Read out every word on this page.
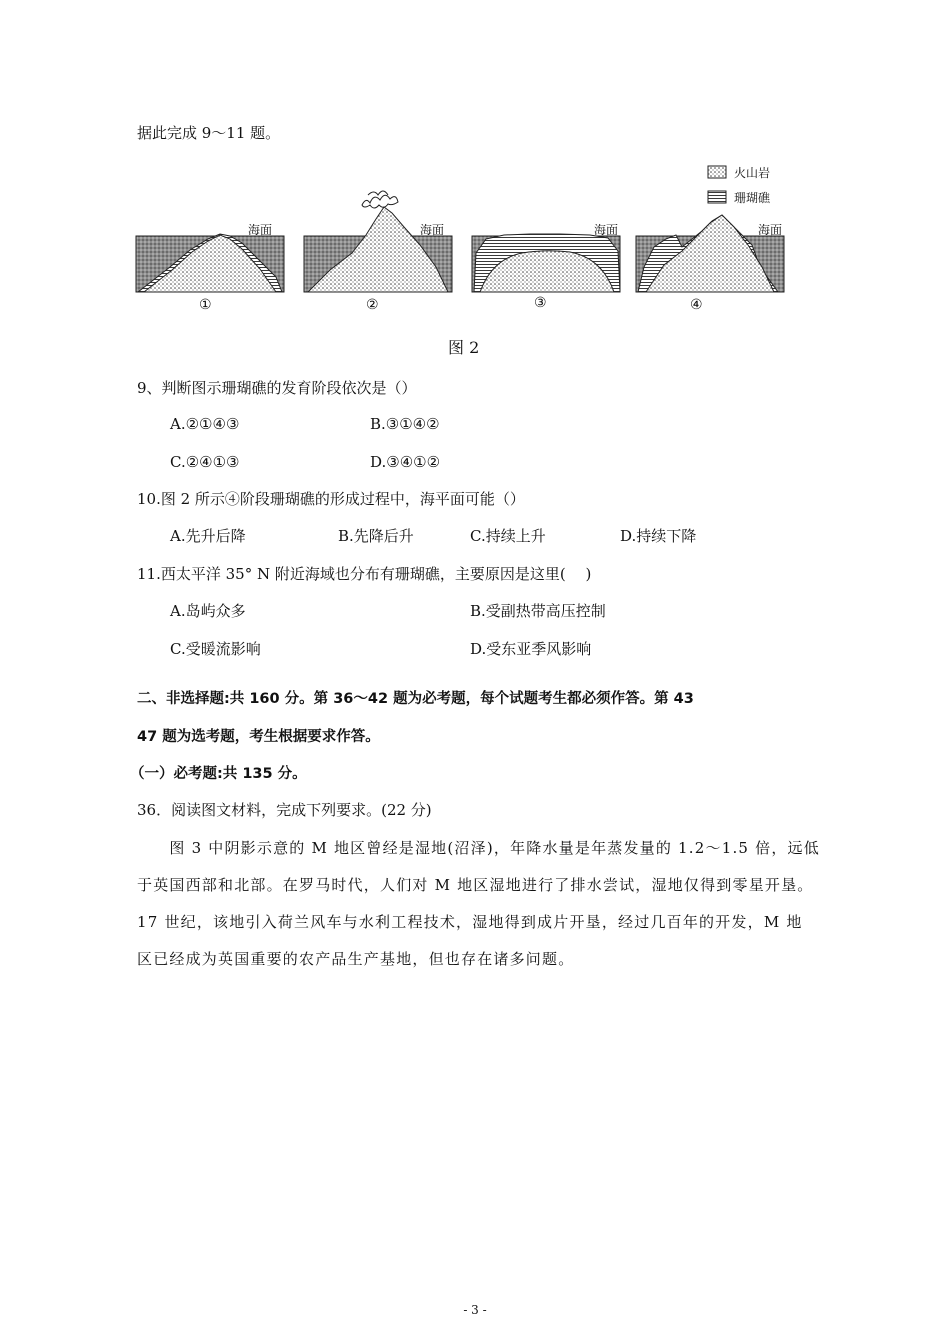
据此完成 9～11 题。
火山岩
珊瑚礁
海面	海面	海面	海面
①	②	③	④
图 2
9、判断图示珊瑚礁的发育阶段依次是（）
A.②①④③	B.③①④②
C.②④①③	D.③④①②
10.图 2 所示④阶段珊瑚礁的形成过程中，海平面可能（）
A.先升后降	B.先降后升	C.持续上升	D.持续下降
11.西太平洋 35° N 附近海域也分布有珊瑚礁，主要原因是这里(　 )
A.岛屿众多	B.受副热带高压控制
C.受暖流影响	D.受东亚季风影响
二、非选择题:共 160 分。第 36～42 题为必考题，每个试题考生都必须作答。第 43
47 题为选考题，考生根据要求作答。
（一）必考题:共 135 分。
36．阅读图文材料，完成下列要求。(22 分)
　　图 3 中阴影示意的 M 地区曾经是湿地(沼泽)，年降水量是年蒸发量的 1.2～1.5 倍，远低
于英国西部和北部。在罗马时代，人们对 M 地区湿地进行了排水尝试，湿地仅得到零星开垦。
17 世纪，该地引入荷兰风车与水利工程技术，湿地得到成片开垦，经过几百年的开发，M 地
区已经成为英国重要的农产品生产基地，但也存在诸多问题。
- 3 -
